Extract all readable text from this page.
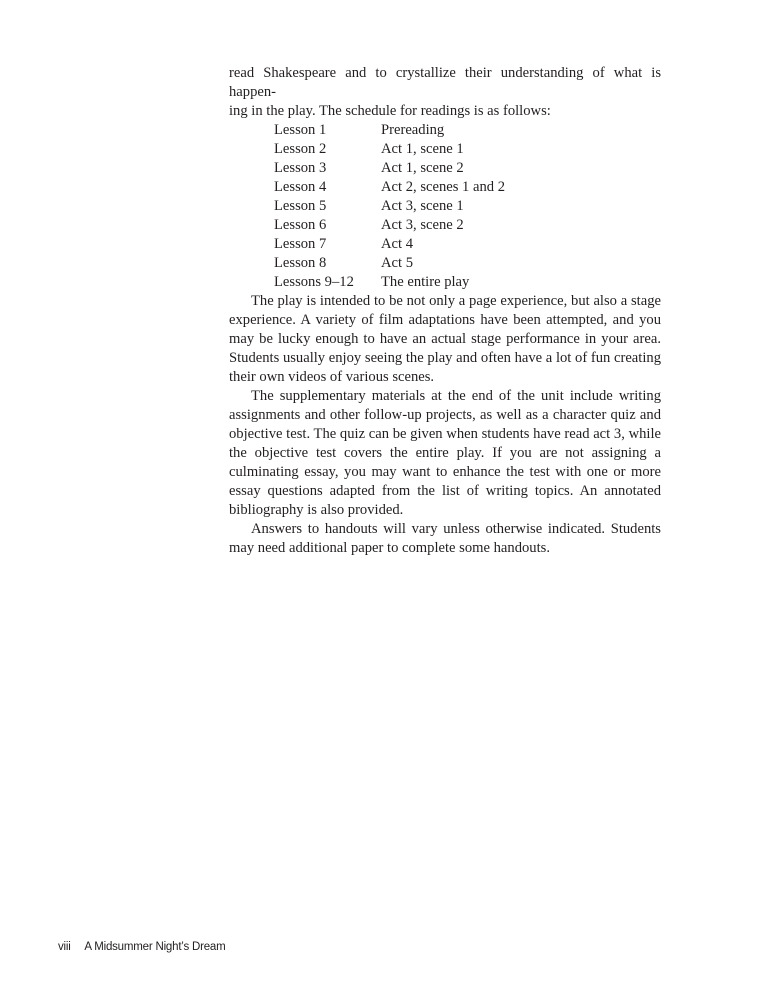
read Shakespeare and to crystallize their understanding of what is happen-
ing in the play. The schedule for readings is as follows:

Lesson 1	Prereading
Lesson 2	Act 1, scene 1
Lesson 3	Act 1, scene 2
Lesson 4	Act 2, scenes 1 and 2
Lesson 5	Act 3, scene 1
Lesson 6	Act 3, scene 2
Lesson 7	Act 4
Lesson 8	Act 5
Lessons 9–12	The entire play

The play is intended to be not only a page experience, but also a stage experience. A variety of film adaptations have been attempted, and you may be lucky enough to have an actual stage performance in your area. Students usually enjoy seeing the play and often have a lot of fun creating their own videos of various scenes.

The supplementary materials at the end of the unit include writing assignments and other follow-up projects, as well as a character quiz and objective test. The quiz can be given when students have read act 3, while the objective test covers the entire play. If you are not assigning a culminating essay, you may want to enhance the test with one or more essay questions adapted from the list of writing topics. An annotated bibliography is also provided.

Answers to handouts will vary unless otherwise indicated. Students may need additional paper to complete some handouts.

viii A Midsummer Night’s Dream
